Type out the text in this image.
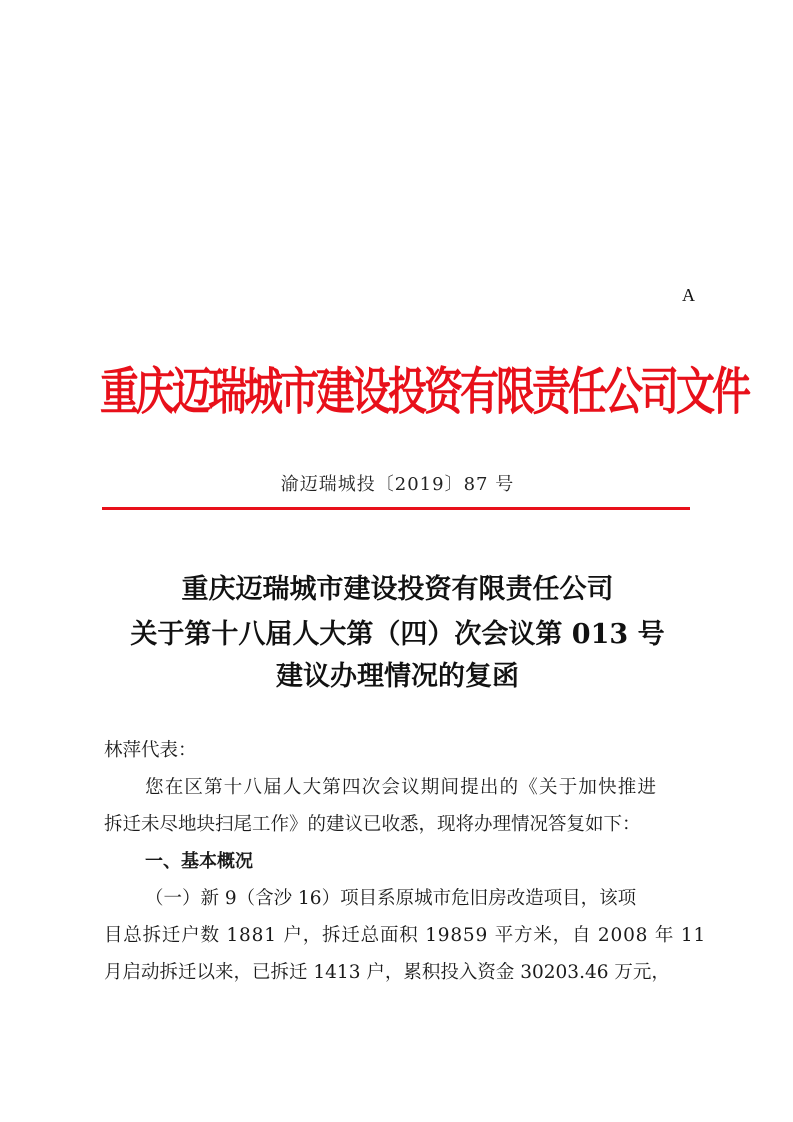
A
重庆迈瑞城市建设投资有限责任公司文件
渝迈瑞城投〔2019〕87 号
重庆迈瑞城市建设投资有限责任公司
关于第十八届人大第（四）次会议第 013 号
建议办理情况的复函
林萍代表：
您在区第十八届人大第四次会议期间提出的《关于加快推进
拆迁未尽地块扫尾工作》的建议已收悉，现将办理情况答复如下：
一、基本概况
（一）新 9（含沙 16）项目系原城市危旧房改造项目，该项
目总拆迁户数 1881 户，拆迁总面积 19859 平方米，自 2008 年 11
月启动拆迁以来，已拆迁 1413 户，累积投入资金 30203.46 万元，
